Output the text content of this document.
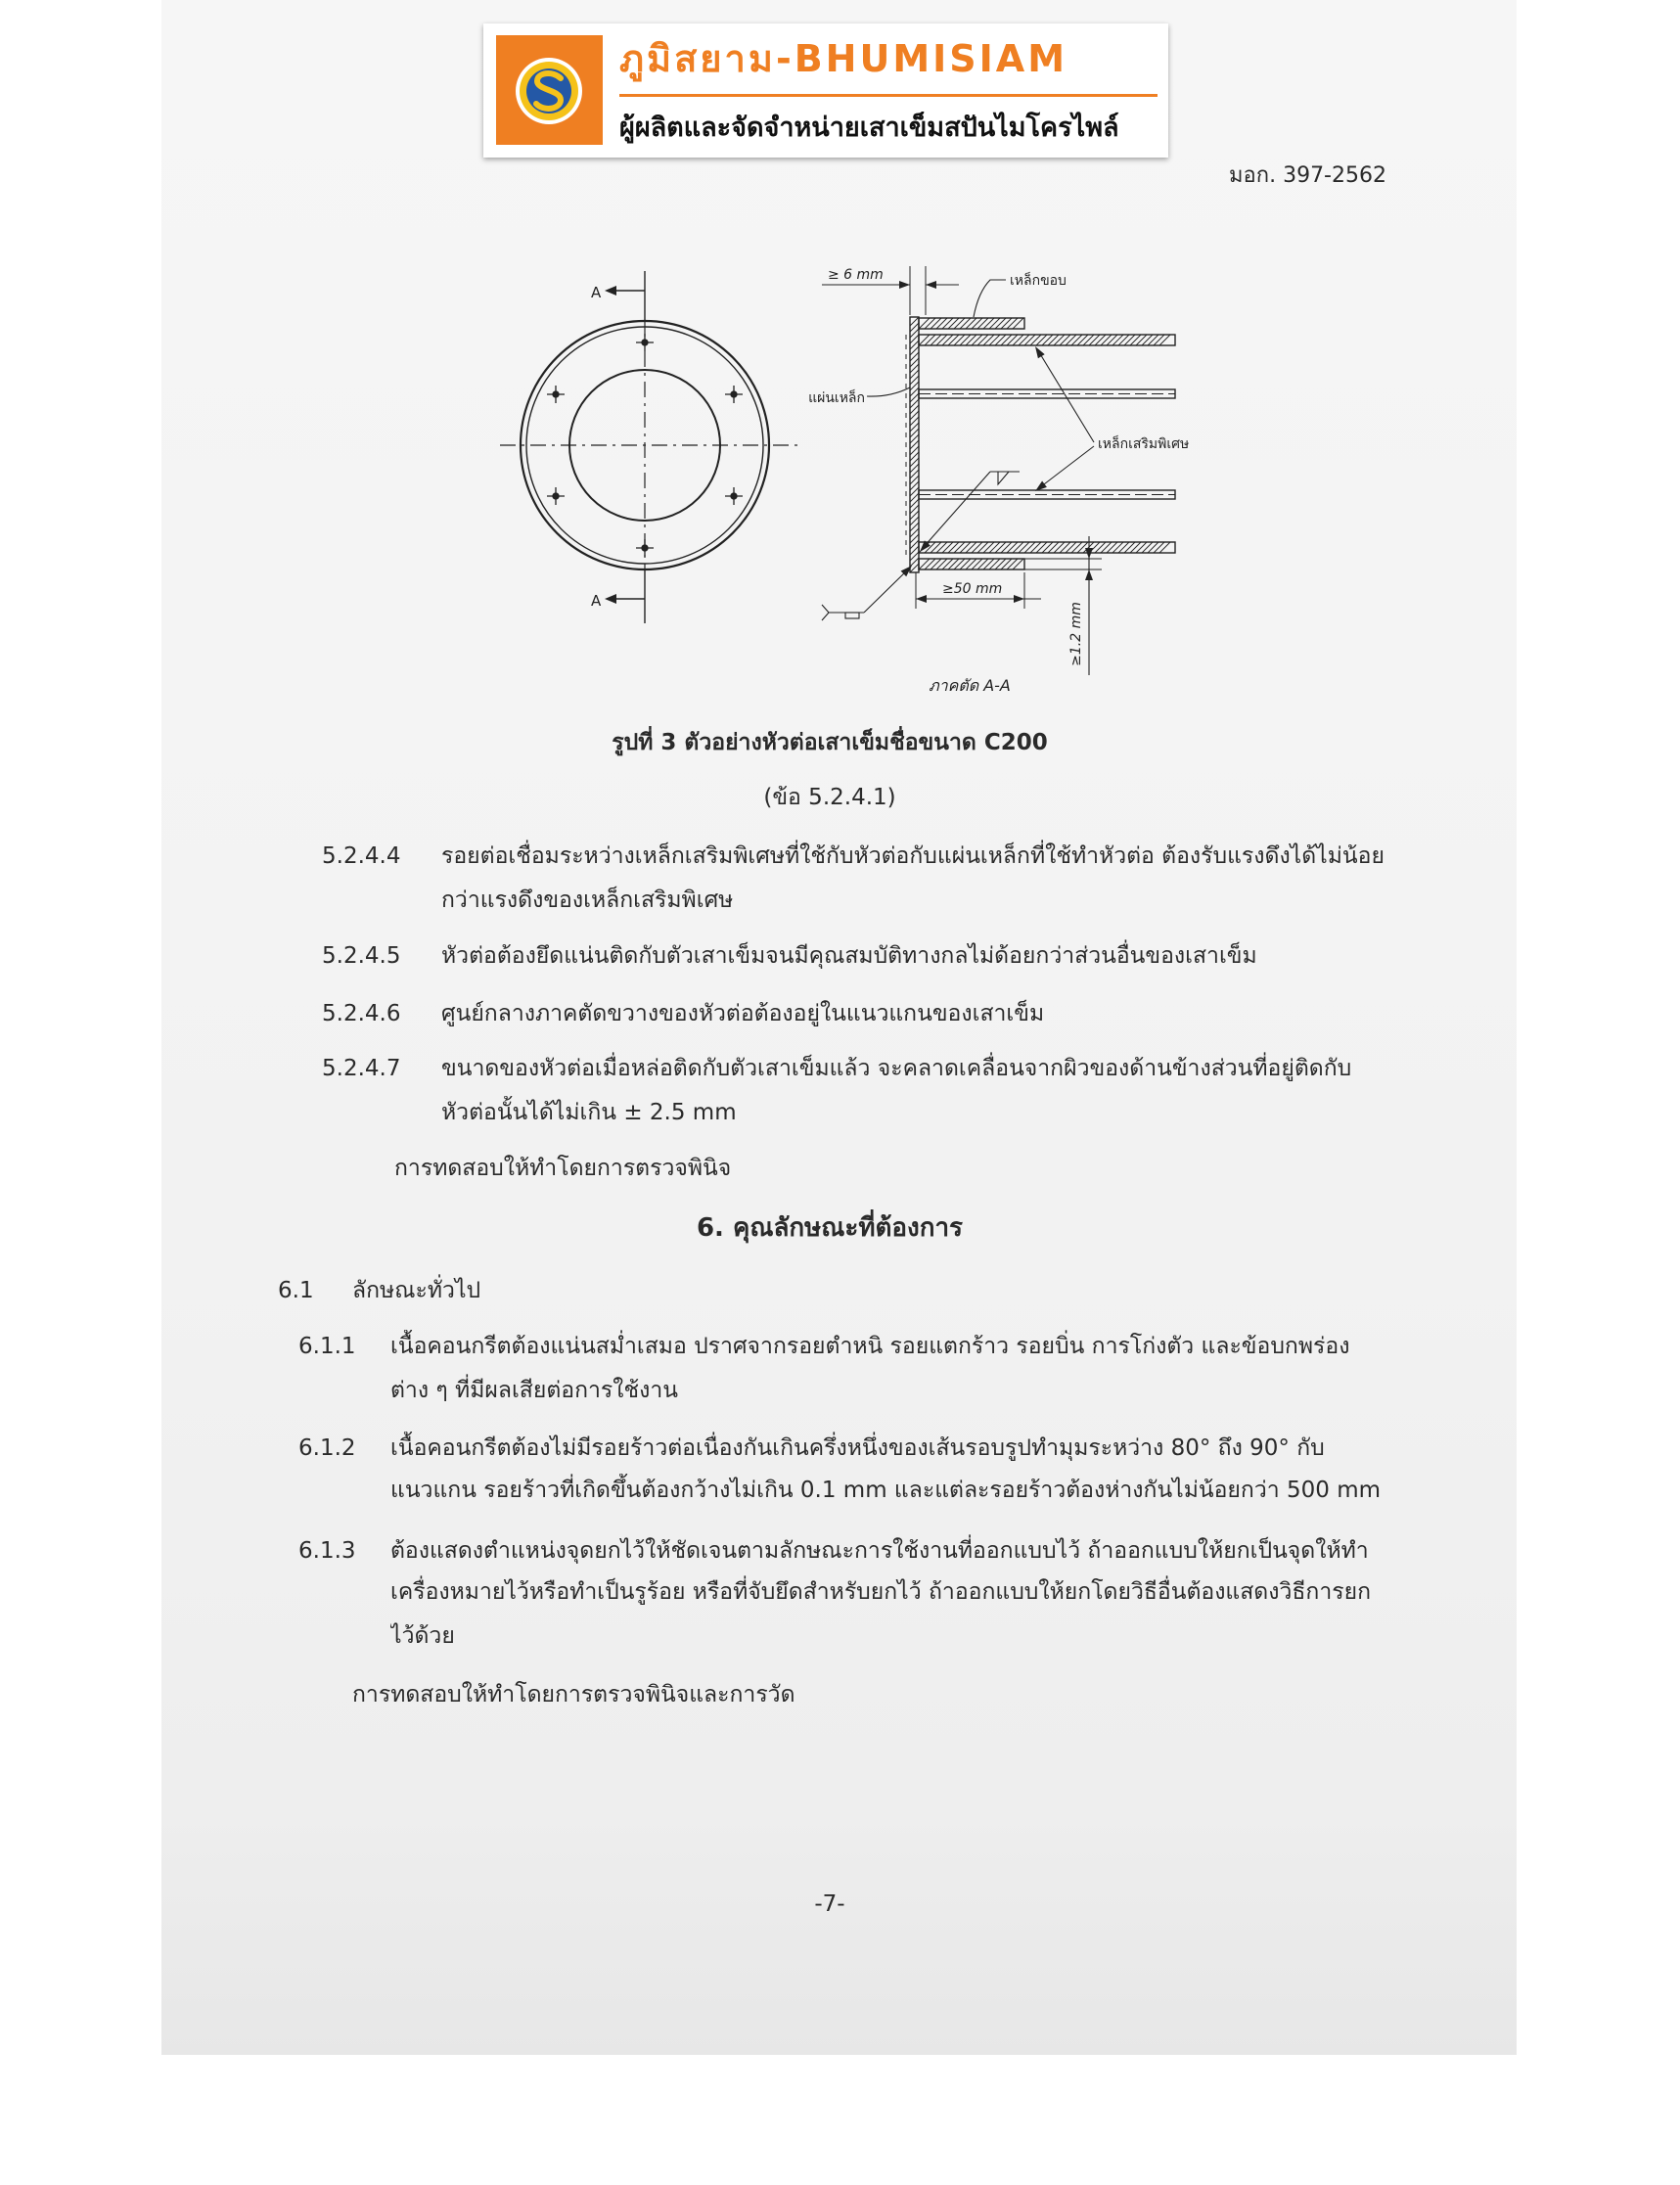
ภูมิสยาม-BHUMISIAM
ผู้ผลิตและจัดจำหน่ายเสาเข็มสปันไมโครไพล์
มอก. 397-2562
A
A
≥ 6 mm	เหล็กขอบ
แผ่นเหล็ก
เหล็กเสริมพิเศษ
≥50 mm
≥1.2 mm
ภาคตัด A-A
รูปที่ 3 ตัวอย่างหัวต่อเสาเข็มชื่อขนาด C200
(ข้อ 5.2.4.1)
5.2.4.4	รอยต่อเชื่อมระหว่างเหล็กเสริมพิเศษที่ใช้กับหัวต่อกับแผ่นเหล็กที่ใช้ทำหัวต่อ ต้องรับแรงดึงได้ไม่น้อย
กว่าแรงดึงของเหล็กเสริมพิเศษ
5.2.4.5	หัวต่อต้องยึดแน่นติดกับตัวเสาเข็มจนมีคุณสมบัติทางกลไม่ด้อยกว่าส่วนอื่นของเสาเข็ม
5.2.4.6	ศูนย์กลางภาคตัดขวางของหัวต่อต้องอยู่ในแนวแกนของเสาเข็ม
5.2.4.7	ขนาดของหัวต่อเมื่อหล่อติดกับตัวเสาเข็มแล้ว จะคลาดเคลื่อนจากผิวของด้านข้างส่วนที่อยู่ติดกับ
หัวต่อนั้นได้ไม่เกิน ± 2.5 mm
การทดสอบให้ทำโดยการตรวจพินิจ
6. คุณลักษณะที่ต้องการ
6.1	ลักษณะทั่วไป
6.1.1	เนื้อคอนกรีตต้องแน่นสม่ำเสมอ ปราศจากรอยตำหนิ รอยแตกร้าว รอยบิ่น การโก่งตัว และข้อบกพร่อง
ต่าง ๆ ที่มีผลเสียต่อการใช้งาน
6.1.2	เนื้อคอนกรีตต้องไม่มีรอยร้าวต่อเนื่องกันเกินครึ่งหนึ่งของเส้นรอบรูปทำมุมระหว่าง 80° ถึง 90° กับ
แนวแกน รอยร้าวที่เกิดขึ้นต้องกว้างไม่เกิน 0.1 mm และแต่ละรอยร้าวต้องห่างกันไม่น้อยกว่า 500 mm
6.1.3	ต้องแสดงตำแหน่งจุดยกไว้ให้ชัดเจนตามลักษณะการใช้งานที่ออกแบบไว้ ถ้าออกแบบให้ยกเป็นจุดให้ทำ
เครื่องหมายไว้หรือทำเป็นรูร้อย หรือที่จับยึดสำหรับยกไว้ ถ้าออกแบบให้ยกโดยวิธีอื่นต้องแสดงวิธีการยก
ไว้ด้วย
การทดสอบให้ทำโดยการตรวจพินิจและการวัด
-7-
